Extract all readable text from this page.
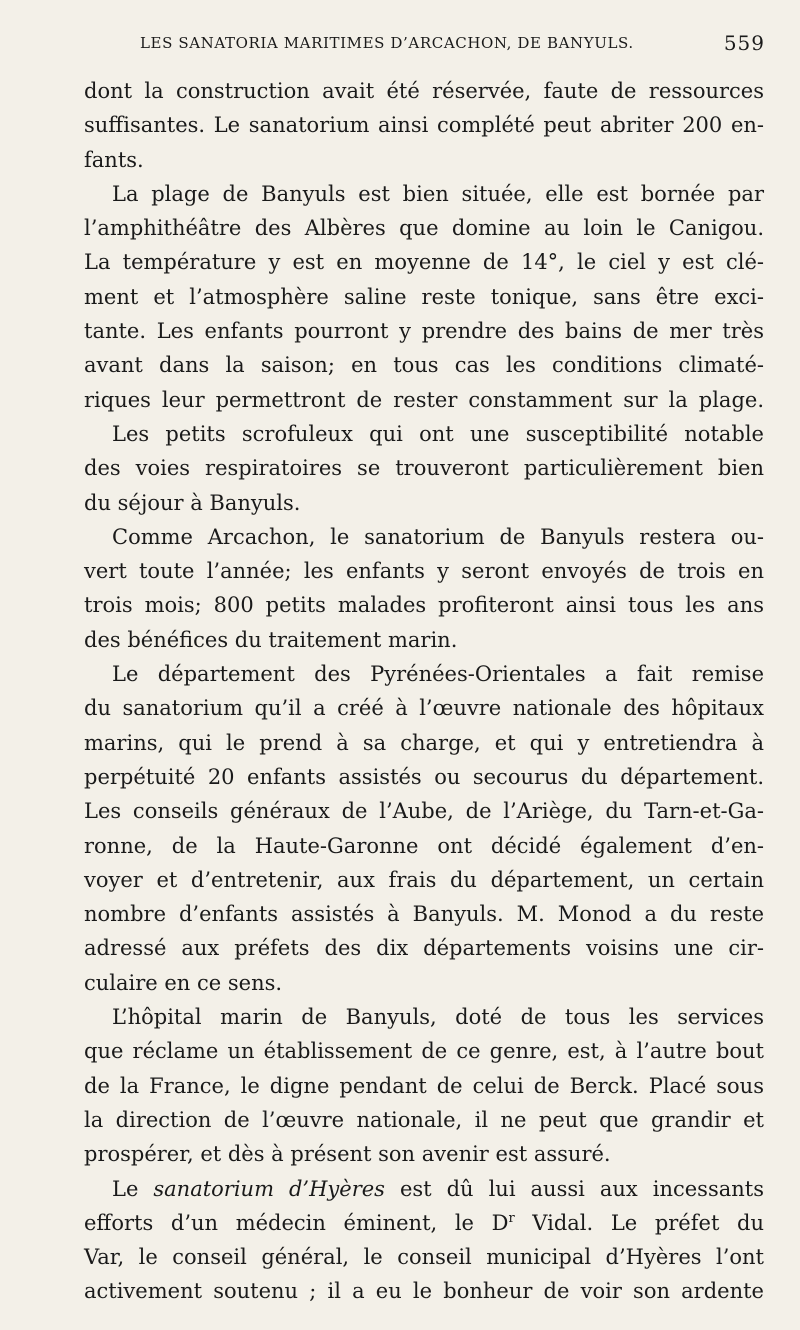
LES SANATORIA MARITIMES D’ARCACHON, DE BANYULS.	559
dont la construction avait été réservée, faute de ressources
suffisantes. Le sanatorium ainsi complété peut abriter 200 en-
fants.
La plage de Banyuls est bien située, elle est bornée par
l’amphithéâtre des Albères que domine au loin le Canigou.
La température y est en moyenne de 14°, le ciel y est clé-
ment et l’atmosphère saline reste tonique, sans être exci-
tante. Les enfants pourront y prendre des bains de mer très
avant dans la saison; en tous cas les conditions climaté-
riques leur permettront de rester constamment sur la plage.
Les petits scrofuleux qui ont une susceptibilité notable
des voies respiratoires se trouveront particulièrement bien
du séjour à Banyuls.
Comme Arcachon, le sanatorium de Banyuls restera ou-
vert toute l’année; les enfants y seront envoyés de trois en
trois mois; 800 petits malades profiteront ainsi tous les ans
des bénéfices du traitement marin.
Le département des Pyrénées-Orientales a fait remise
du sanatorium qu’il a créé à l’œuvre nationale des hôpitaux
marins, qui le prend à sa charge, et qui y entretiendra à
perpétuité 20 enfants assistés ou secourus du département.
Les conseils généraux de l’Aube, de l’Ariège, du Tarn-et-Ga-
ronne, de la Haute-Garonne ont décidé également d’en-
voyer et d’entretenir, aux frais du département, un certain
nombre d’enfants assistés à Banyuls. M. Monod a du reste
adressé aux préfets des dix départements voisins une cir-
culaire en ce sens.
L’hôpital marin de Banyuls, doté de tous les services
que réclame un établissement de ce genre, est, à l’autre bout
de la France, le digne pendant de celui de Berck. Placé sous
la direction de l’œuvre nationale, il ne peut que grandir et
prospérer, et dès à présent son avenir est assuré.
Le sanatorium d’Hyères est dû lui aussi aux incessants
efforts d’un médecin éminent, le $D^r$ Vidal. Le préfet du
Var, le conseil général, le conseil municipal d’Hyères l’ont
activement soutenu ; il a eu le bonheur de voir son ardente
